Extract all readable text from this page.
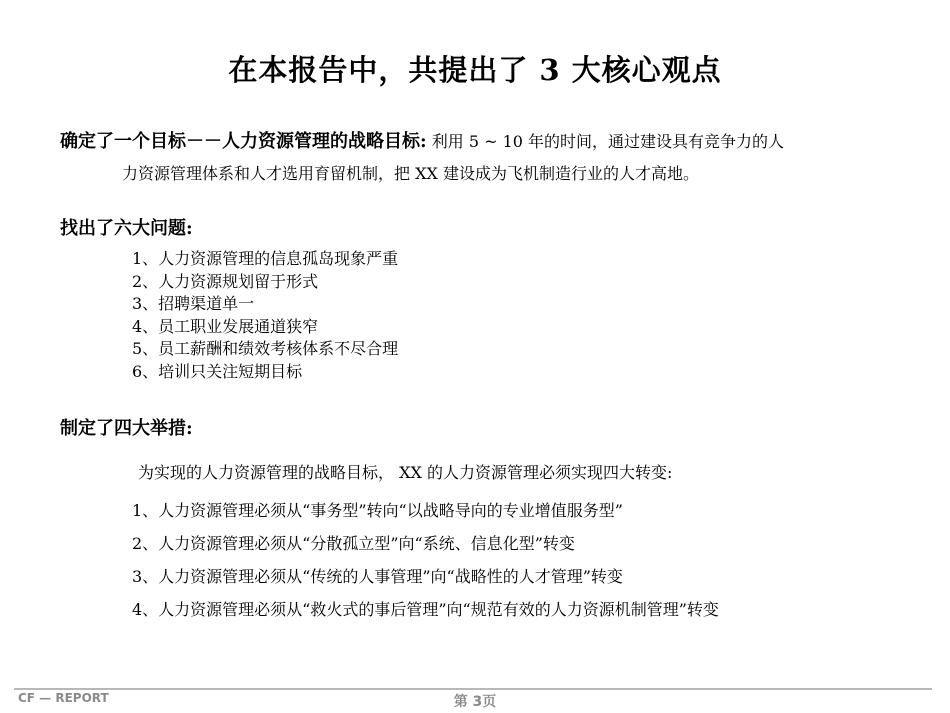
在本报告中，共提出了 3 大核心观点
确定了一个目标－－人力资源管理的战略目标: 利用 5 ~ 10 年的时间，通过建设具有竞争力的人
力资源管理体系和人才选用育留机制，把 XX 建设成为飞机制造行业的人才高地。
找出了六大问题:
1、人力资源管理的信息孤岛现象严重
2、人力资源规划留于形式
3、招聘渠道单一
4、员工职业发展通道狭窄
5、员工薪酬和绩效考核体系不尽合理
6、培训只关注短期目标
制定了四大举措:
为实现的人力资源管理的战略目标， XX 的人力资源管理必须实现四大转变:
1、人力资源管理必须从“事务型”转向“以战略导向的专业增值服务型”
2、人力资源管理必须从“分散孤立型”向“系统、信息化型”转变
3、人力资源管理必须从“传统的人事管理”向“战略性的人才管理”转变
4、人力资源管理必须从“救火式的事后管理”向“规范有效的人力资源机制管理”转变
CF — REPORT	第 3页
